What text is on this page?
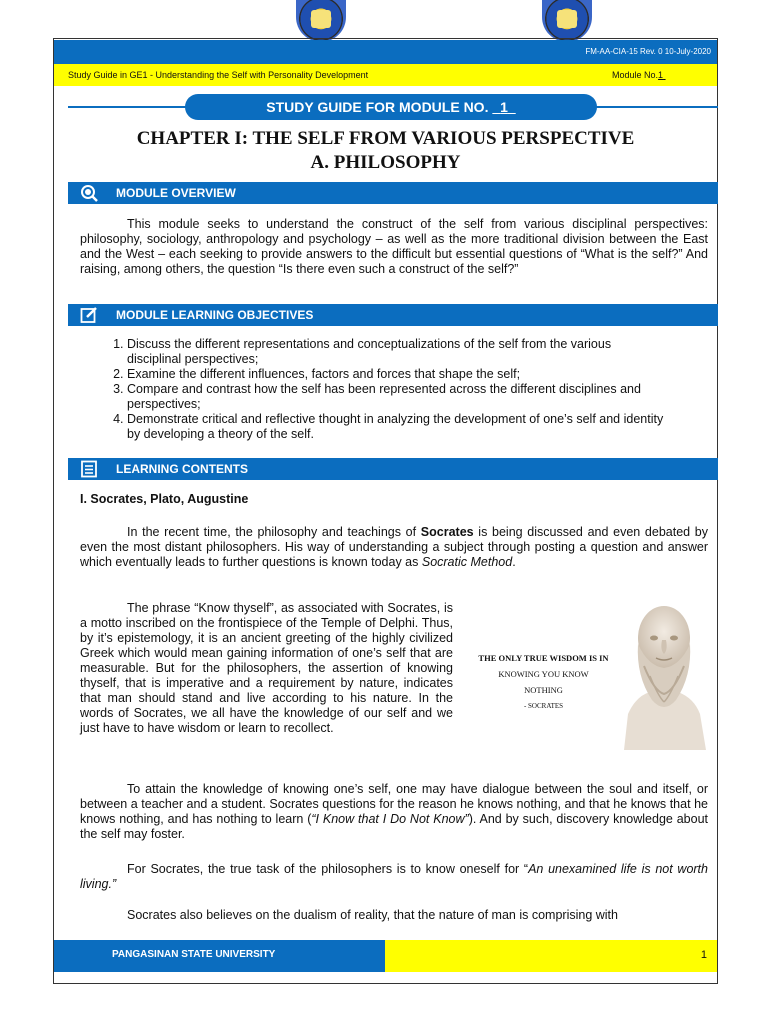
FM-AA-CIA-15 Rev. 0 10-July-2020
Study Guide in GE1 - Understanding the Self with Personality Development	Module No.1
STUDY GUIDE FOR MODULE NO.   1
CHAPTER I: THE SELF FROM VARIOUS PERSPECTIVE
A. PHILOSOPHY
MODULE OVERVIEW

This module seeks to understand the construct of the self from various disciplinal perspectives: philosophy, sociology, anthropology and psychology – as well as the more traditional division between the East and the West – each seeking to provide answers to the difficult but essential questions of “What is the self?” And raising, among others, the question “Is there even such a construct of the self?”

MODULE LEARNING OBJECTIVES
1. Discuss the different representations and conceptualizations of the self from the various disciplinal perspectives;
2. Examine the different influences, factors and forces that shape the self;
3. Compare and contrast how the self has been represented across the different disciplines and perspectives;
4. Demonstrate critical and reflective thought in analyzing the development of one’s self and identity by developing a theory of the self.
LEARNING CONTENTS
I. Socrates, Plato, Augustine

In the recent time, the philosophy and teachings of Socrates is being discussed and even debated by even the most distant philosophers. His way of understanding a subject through posting a question and answer which eventually leads to further questions is known today as Socratic Method.

The phrase “Know thyself”, as associated with Socrates, is a motto inscribed on the frontispiece of the Temple of Delphi. Thus, by it’s epistemology, it is an ancient greeting of the highly civilized Greek which would mean gaining information of one’s self that are measurable. But for the philosophers, the assertion of knowing thyself, that is imperative and a requirement by nature, indicates that man should stand and live according to his nature. In the words of Socrates, we all have the knowledge of our self and we just have to have wisdom or learn to recollect.

THE ONLY TRUE WISDOM IS IN
KNOWING YOU KNOW
NOTHING
- SOCRATES

To attain the knowledge of knowing one’s self, one may have dialogue between the soul and itself, or between a teacher and a student. Socrates questions for the reason he knows nothing, and that he knows that he knows nothing, and has nothing to learn (“I Know that I Do Not Know”). And by such, discovery knowledge about the self may foster.

For Socrates, the true task of the philosophers is to know oneself for “An unexamined life is not worth living.”

Socrates also believes on the dualism of reality, that the nature of man is comprising with

PANGASINAN STATE UNIVERSITY	1
